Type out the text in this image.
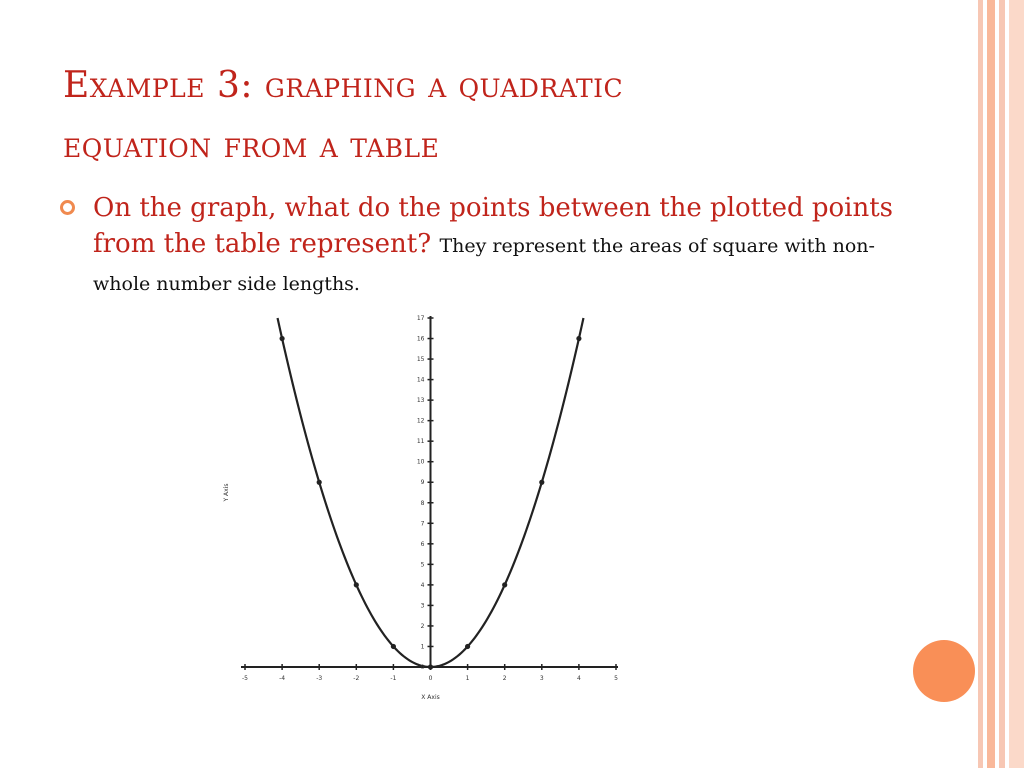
Example 3: graphing a quadratic
equation from a table
On the graph, what do the points between the plotted points from the table represent? They represent the areas of square with non-whole number side lengths.
-5	-4	-3	-2	-1	0	1	2	3	4	5
0
1
2
3
4
5
6
7
8
9
10
11
12
13
14
15
16
17
X Axis
Y Axis
